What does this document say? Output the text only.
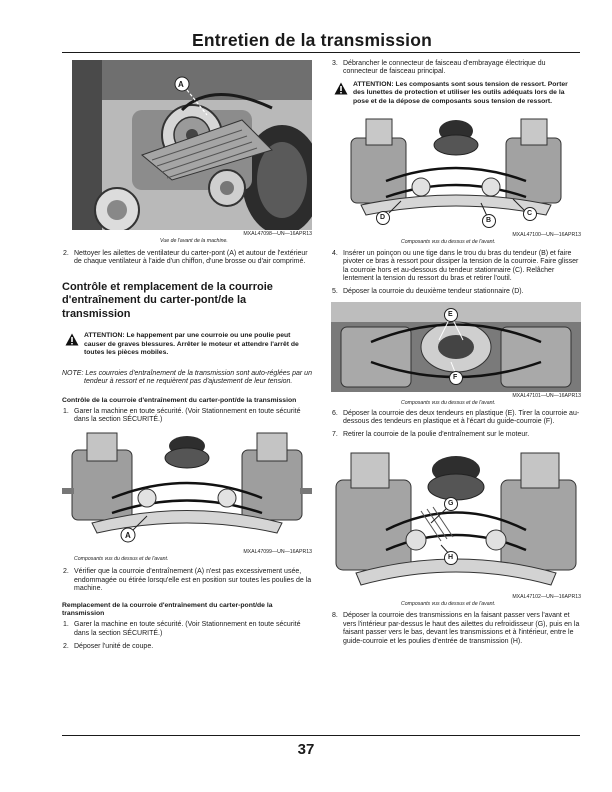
Entretien de la transmission
A
MXAL47098—UN—16APR13
Vue de l'avant de la machine.
2. Nettoyer les ailettes de ventilateur du carter-pont (A) et autour de l'extérieur de chaque ventilateur à l'aide d'un chiffon, d'une brosse ou d'air comprimé.
Contrôle et remplacement de la courroie d'entraînement du carter-pont/de la transmission
ATTENTION: Le happement par une courroie ou une poulie peut causer de graves blessures. Arrêter le moteur et attendre l'arrêt de toutes les pièces mobiles.
NOTE: Les courroies d'entraînement de la transmission sont auto-réglées par un tendeur à ressort et ne requièrent pas d'ajustement de leur tension.
Contrôle de la courroie d'entraînement du carter-pont/de la transmission
1. Garer la machine en toute sécurité. (Voir Stationnement en toute sécurité dans la section SÉCURITÉ.)
A
MXAL47099—UN—16APR13
Composants vus du dessus et de l'avant.
2. Vérifier que la courroie d'entraînement (A) n'est pas excessivement usée, endommagée ou étirée lorsqu'elle est en position sur toutes les poulies de la machine.
Remplacement de la courroie d'entraînement du carter-pont/de la transmission
1. Garer la machine en toute sécurité. (Voir Stationnement en toute sécurité dans la section SÉCURITÉ.)
2. Déposer l'unité de coupe.
3. Débrancher le connecteur de faisceau d'embrayage électrique du connecteur de faisceau principal.
ATTENTION: Les composants sont sous tension de ressort. Porter des lunettes de protection et utiliser les outils adéquats lors de la pose et de la dépose de composants sous tension de ressort.
D	B
C
MXAL47100—UN—16APR13
Composants vus du dessus et de l'avant.
4. Insérer un poinçon ou une tige dans le trou du bras du tendeur (B) et faire pivoter ce bras à ressort pour dissiper la tension de la courroie. Faire glisser la courroie hors et au-dessous du tendeur stationnaire (C). Relâcher lentement la tension du ressort du bras et retirer l'outil.
5. Déposer la courroie du deuxième tendeur stationnaire (D).
E
F
MXAL47101—UN—16APR13
Composants vus du dessus et de l'avant.
6. Déposer la courroie des deux tendeurs en plastique (E). Tirer la courroie au-dessous des tendeurs en plastique et à l'écart du guide-courroie (F).
7. Retirer la courroie de la poulie d'entraînement sur le moteur.
G
H
MXAL47102—UN—16APR13
Composants vus du dessus et de l'avant.
8. Déposer la courroie des transmissions en la faisant passer vers l'avant et vers l'intérieur par-dessus le haut des ailettes du refroidisseur (G), puis en la faisant passer vers le bas, devant les transmissions et à l'intérieur, entre le guide-courroie et les poulies d'entrée de transmission (H).
37
